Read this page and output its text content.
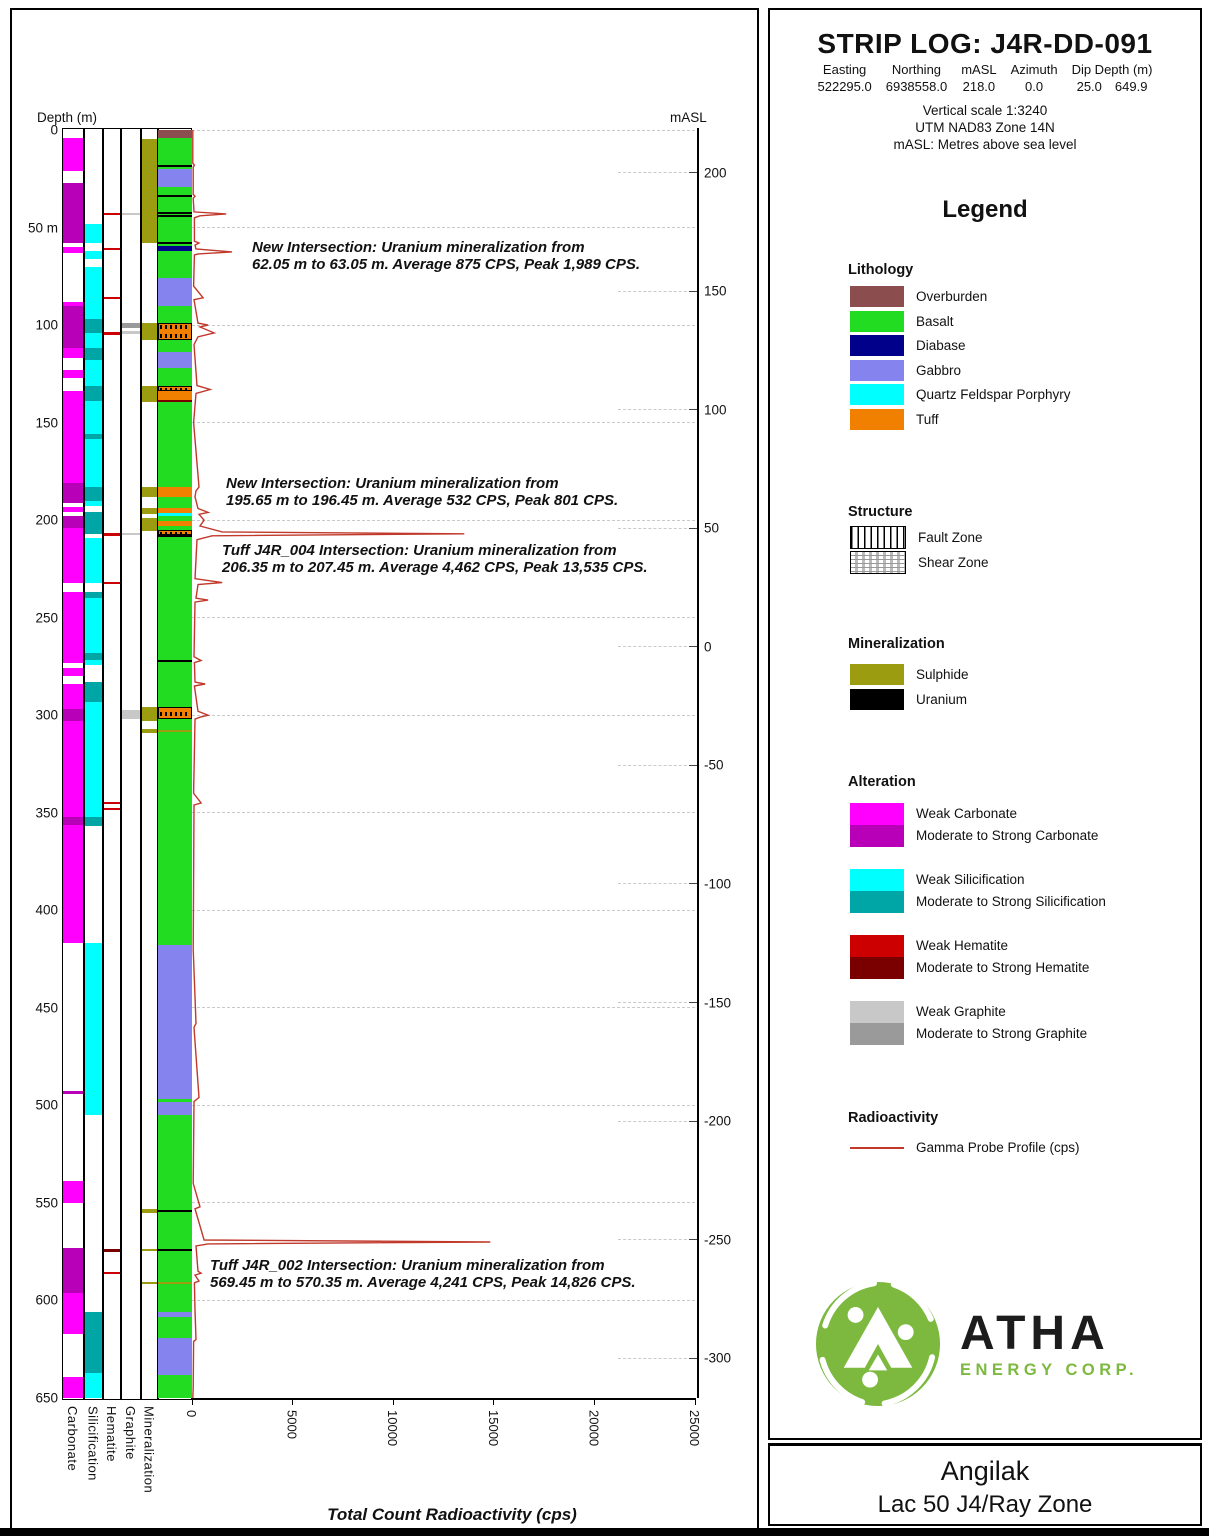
Depth (m)	mASL
Total Count Radioactivity (cps)
0
50 m
100
150
200
250
300
350
400
450
500
550
600
650
200
150
100
50
0
-50
-100
-150
-200
-250
-300
0	5000	10000	15000	20000	25000
Carbonate Silicification Hematite Graphite Mineralization
New Intersection: Uranium mineralization from
62.05 m to 63.05 m. Average 875 CPS, Peak 1,989 CPS.
New Intersection: Uranium mineralization from
195.65 m to 196.45 m. Average 532 CPS, Peak 801 CPS.
Tuff J4R_004 Intersection: Uranium mineralization from
206.35 m to 207.45 m. Average 4,462 CPS, Peak 13,535 CPS.
Tuff J4R_002 Intersection: Uranium mineralization from
569.45 m to 570.35 m. Average 4,241 CPS, Peak 14,826 CPS.
STRIP LOG: J4R-DD-091
Easting
522295.0
Northing
6938558.0
mASL
218.0
Azimuth
0.0
Dip Depth (m)
25.0 649.9
Vertical scale 1:3240
UTM NAD83 Zone 14N
mASL: Metres above sea level
Legend
Lithology
Structure
Mineralization
Alteration
Radioactivity
Gamma Probe Profile (cps)
ATHA
ENERGY CORP.
Overburden
Basalt
Diabase
Gabbro
Quartz Feldspar Porphyry
Tuff
Fault Zone
Shear Zone
Sulphide
Uranium
Weak Carbonate
Moderate to Strong Carbonate
Weak Silicification
Moderate to Strong Silicification
Weak Hematite
Moderate to Strong Hematite
Weak Graphite
Moderate to Strong Graphite
Angilak
Lac 50 J4/Ray Zone
